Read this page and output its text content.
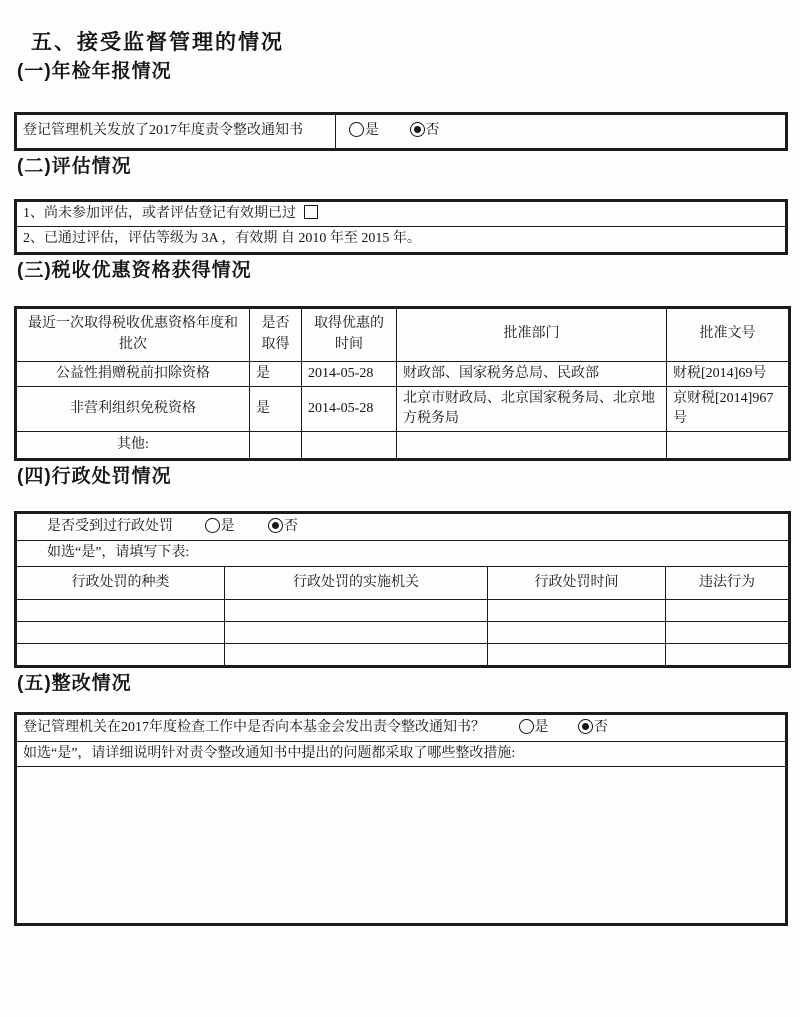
五、接受监督管理的情况
(一)年检年报情况
登记管理机关发放了2017年度责令整改通知书	是	否
(二)评估情况
1、尚未参加评估，或者评估登记有效期已过
2、已通过评估，评估等级为 3A ，有效期 自 2010 年至 2015 年。
(三)税收优惠资格获得情况
最近一次取得税收优惠资格年度和批次	是否取得	取得优惠的时间	批准部门	批准文号
公益性捐赠税前扣除资格	是	2014-05-28	财政部、国家税务总局、民政部	财税[2014]69号
非营利组织免税资格	是	2014-05-28	北京市财政局、北京国家税务局、北京地方税务局	京财税[2014]967号
其他:				
(四)行政处罚情况
是否受到过行政处罚 是 否			
如选“是”，请填写下表:			
行政处罚的种类	行政处罚的实施机关	行政处罚时间	违法行为

(五)整改情况
登记管理机关在2017年度检查工作中是否向本基金会发出责令整改通知书？	是	否
如选“是”，请详细说明针对责令整改通知书中提出的问题都采取了哪些整改措施:
